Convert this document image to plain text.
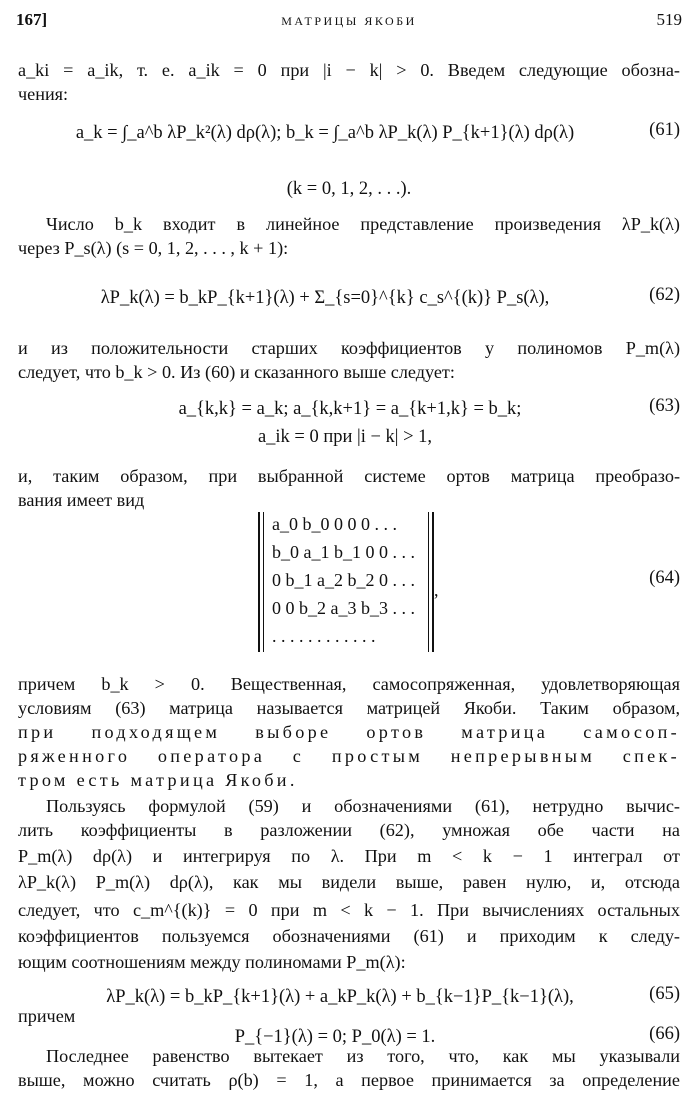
167]	МАТРИЦЫ ЯКОБИ	519
a_ki = a_ik, т. е. a_ik = 0 при |i − k| > 0. Введем следующие обозна-
чения:
a_k = ∫_a^b λP_k²(λ) dρ(λ); b_k = ∫_a^b λP_k(λ) P_{k+1}(λ) dρ(λ)	(61)
(k = 0, 1, 2, . . .).
Число b_k входит в линейное представление произведения λP_k(λ)
через P_s(λ) (s = 0, 1, 2, . . . , k + 1):
λP_k(λ) = b_kP_{k+1}(λ) + Σ_{s=0}^{k} c_s^{(k)} P_s(λ),	(62)
и из положительности старших коэффициентов у полиномов P_m(λ)
следует, что b_k > 0. Из (60) и сказанного выше следует:
a_{k,k} = a_k; a_{k,k+1} = a_{k+1,k} = b_k;	(63)
a_ik = 0 при |i − k| > 1,
и, таким образом, при выбранной системе ортов матрица преобразо-
вания имеет вид
a_0 b_0 0 0 0 . . .
b_0 a_1 b_1 0 0 . . .
0 b_1 a_2 b_2 0 . . .
0 0 b_2 a_3 b_3 . . .
. . . . . . . . . . . .
,
(64)
причем b_k > 0. Вещественная, самосопряженная, удовлетворяющая
условиям (63) матрица называется матрицей Якоби. Таким образом,
при подходящем выборе ортов матрица самосоп-
ряженного оператора с простым непрерывным спек-
тром есть матрица Якоби.
Пользуясь формулой (59) и обозначениями (61), нетрудно вычис-
лить коэффициенты в разложении (62), умножая обе части на
P_m(λ) dρ(λ) и интегрируя по λ. При m < k − 1 интеграл от
λP_k(λ) P_m(λ) dρ(λ), как мы видели выше, равен нулю, и, отсюда
следует, что c_m^{(k)} = 0 при m < k − 1. При вычислениях остальных
коэффициентов пользуемся обозначениями (61) и приходим к следу-
ющим соотношениям между полиномами P_m(λ):
λP_k(λ) = b_kP_{k+1}(λ) + a_kP_k(λ) + b_{k−1}P_{k−1}(λ),	(65)
причем
P_{−1}(λ) = 0; P_0(λ) = 1.	(66)
Последнее равенство вытекает из того, что, как мы указывали
выше, можно считать ρ(b) = 1, а первое принимается за определение
